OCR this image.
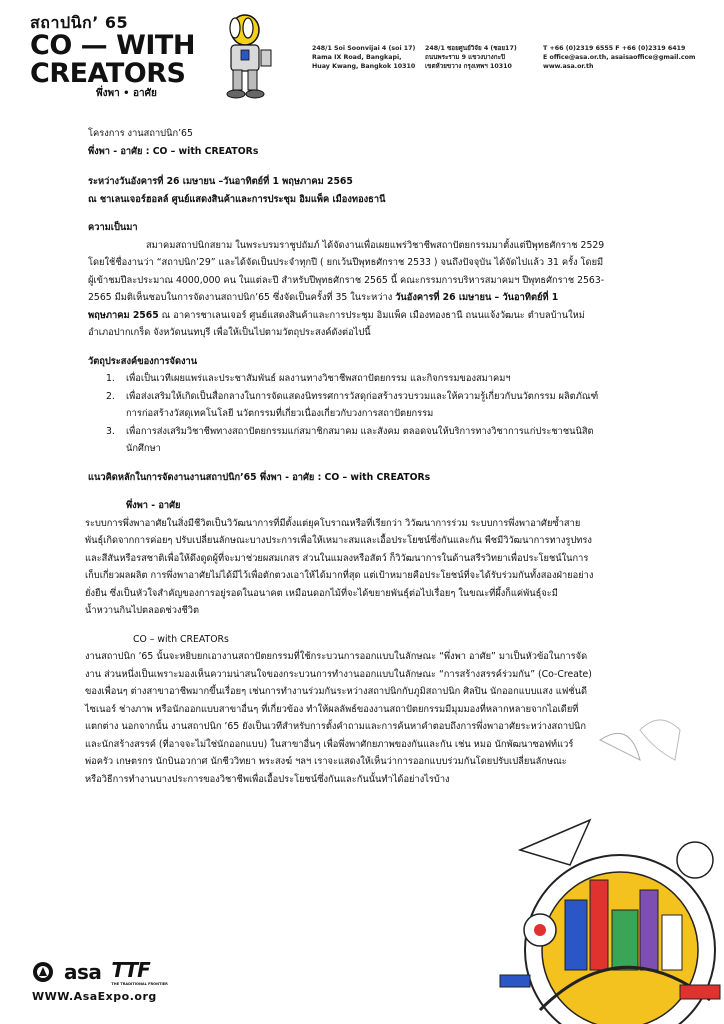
สถาปนิก’ 65
CO — WITH
CREATORS
พึ่งพา • อาศัย
248/1 Soi Soonvijai 4 (soi 17)
Rama IX Road, Bangkapi,
Huay Kwang, Bangkok 10310
248/1 ซอยศูนย์วิจัย 4 (ซอย17)
ถนนพระราม 9 แขวงบางกะปิ
เขตห้วยขวาง กรุงเทพฯ 10310
T +66 (0)2319 6555 F +66 (0)2319 6419
E office@asa.or.th, asaisaoffice@gmail.com
www.asa.or.th

โครงการ งานสถาปนิก’65

พึ่งพา - อาศัย : CO – with CREATORs

ระหว่างวันอังคารที่ 26 เมษายน –วันอาทิตย์ที่ 1 พฤษภาคม 2565

ณ ชาเลนเจอร์ฮอลล์ ศูนย์แสดงสินค้าและการประชุม อิมแพ็ค เมืองทองธานี

ความเป็นมา

สมาคมสถาปนิกสยาม ในพระบรมราชูปถัมภ์ ได้จัดงานเพื่อเผยแพร่วิชาชีพสถาปัตยกรรมมาตั้งแต่ปีพุทธศักราช 2529

โดยใช้ชื่องานว่า “สถาปนิก’29” และได้จัดเป็นประจำทุกปี ( ยกเว้นปีพุทธศักราช 2533 ) จนถึงปัจจุบัน ได้จัดไปแล้ว 31 ครั้ง โดยมี

ผู้เข้าชมปีละประมาณ 4000,000 คน ในแต่ละปี สำหรับปีพุทธศักราช 2565 นี้ คณะกรรมการบริหารสมาคมฯ ปีพุทธศักราช 2563-

2565 มีมติเห็นชอบในการจัดงานสถาปนิก’65 ซึ่งจัดเป็นครั้งที่ 35 ในระหว่าง วันอังคารที่ 26 เมษายน – วันอาทิตย์ที่ 1

พฤษภาคม 2565 ณ อาคารชาเลนเจอร์ ศูนย์แสดงสินค้าและการประชุม อิมแพ็ค เมืองทองธานี ถนนแจ้งวัฒนะ ตำบลบ้านใหม่

อำเภอปากเกร็ด จังหวัดนนทบุรี เพื่อให้เป็นไปตามวัตถุประสงค์ดังต่อไปนี้

วัตถุประสงค์ของการจัดงาน

1.	เพื่อเป็นเวทีเผยแพร่และประชาสัมพันธ์ ผลงานทางวิชาชีพสถาปัตยกรรม และกิจกรรมของสมาคมฯ
2.	เพื่อส่งเสริมให้เกิดเป็นสื่อกลางในการจัดแสดงนิทรรศการวัสดุก่อสร้างรวบรวมและให้ความรู้เกี่ยวกับนวัตกรรม ผลิตภัณฑ์
การก่อสร้างวัสดุเทคโนโลยี นวัตกรรมที่เกี่ยวเนื่องเกี่ยวกับวงการสถาปัตยกรรม
3.	เพื่อการส่งเสริมวิชาชีพทางสถาปัตยกรรมแก่สมาชิกสมาคม และสังคม ตลอดจนให้บริการทางวิชาการแก่ประชาชนนิสิต
นักศึกษา

แนวคิดหลักในการจัดงานงานสถาปนิก’65 พึ่งพา - อาศัย : CO – with CREATORs

พึ่งพา - อาศัย

ระบบการพึ่งพาอาศัยในสิ่งมีชีวิตเป็นวิวัฒนาการที่มีตั้งแต่ยุคโบราณหรือที่เรียกว่า วิวัฒนาการร่วม ระบบการพึ่งพาอาศัยซ้ำสาย

พันธุ์เกิดจากการค่อยๆ ปรับเปลี่ยนลักษณะบางประการเพื่อให้เหมาะสมและเอื้อประโยชน์ซึ่งกันและกัน พืชมีวิวัฒนาการทางรูปทรง

และสีสันหรือรสชาติเพื่อให้ดึงดูดผู้ที่จะมาช่วยผสมเกสร ส่วนในแมลงหรือสัตว์ ก็วิวัฒนาการในด้านสรีรวิทยาเพื่อประโยชน์ในการ

เก็บเกี่ยวผลผลิต การพึ่งพาอาศัยไม่ได้มีไว้เพื่อตักตวงเอาให้ได้มากที่สุด แต่เป้าหมายคือประโยชน์ที่จะได้รับร่วมกันทั้งสองฝ่ายอย่าง

ยั่งยืน ซึ่งเป็นหัวใจสำคัญของการอยู่รอดในอนาคต เหมือนดอกไม้ที่จะได้ขยายพันธุ์ต่อไปเรื่อยๆ ในขณะที่ผึ้งก็แค่พันธุ์จะมี

น้ำหวานกินไปตลอดช่วงชีวิต

CO – with CREATORs

งานสถาปนิก ’65 นั้นจะหยิบยกเอางานสถาปัตยกรรมที่ใช้กระบวนการออกแบบในลักษณะ “พึ่งพา อาศัย” มาเป็นหัวข้อในการจัด

งาน ส่วนหนึ่งเป็นเพราะมองเห็นความน่าสนใจของกระบวนการทำงานออกแบบในลักษณะ “การสร้างสรรค์ร่วมกัน” (Co-Create)

ของเพื่อนๆ ต่างสาขาอาชีพมากขึ้นเรื่อยๆ เช่นการทำงานร่วมกันระหว่างสถาปนิกกับภูมิสถาปนิก ศิลปิน นักออกแบบแสง แฟชั่นดี

ไซเนอร์ ช่างภาพ หรือนักออกแบบสาขาอื่นๆ ที่เกี่ยวข้อง ทำให้ผลลัพธ์ของงานสถาปัตยกรรมมีมุมมองที่หลากหลายจากไอเดียที่

แตกต่าง นอกจากนั้น งานสถาปนิก ’65 ยังเป็นเวทีสำหรับการตั้งคำถามและการค้นหาคำตอบถึงการพึ่งพาอาศัยระหว่างสถาปนิก

และนักสร้างสรรค์ (ที่อาจจะไม่ใช่นักออกแบบ) ในสาขาอื่นๆ เพื่อพึ่งพาศักยภาพของกันและกัน เช่น หมอ นักพัฒนาซอฟท์แวร์

พ่อครัว เกษตรกร นักบินอวกาศ นักชีววิทยา พระสงฆ์ ฯลฯ เราจะแสดงให้เห็นว่าการออกแบบร่วมกันโดยปรับเปลี่ยนลักษณะ

หรือวิธีการทำงานบางประการของวิชาชีพเพื่อเอื้อประโยชน์ซึ่งกันและกันนั้นทำได้อย่างไรบ้าง

asa TTF
THE TRADITIONAL FRONTIER
WWW.AsaExpo.org
